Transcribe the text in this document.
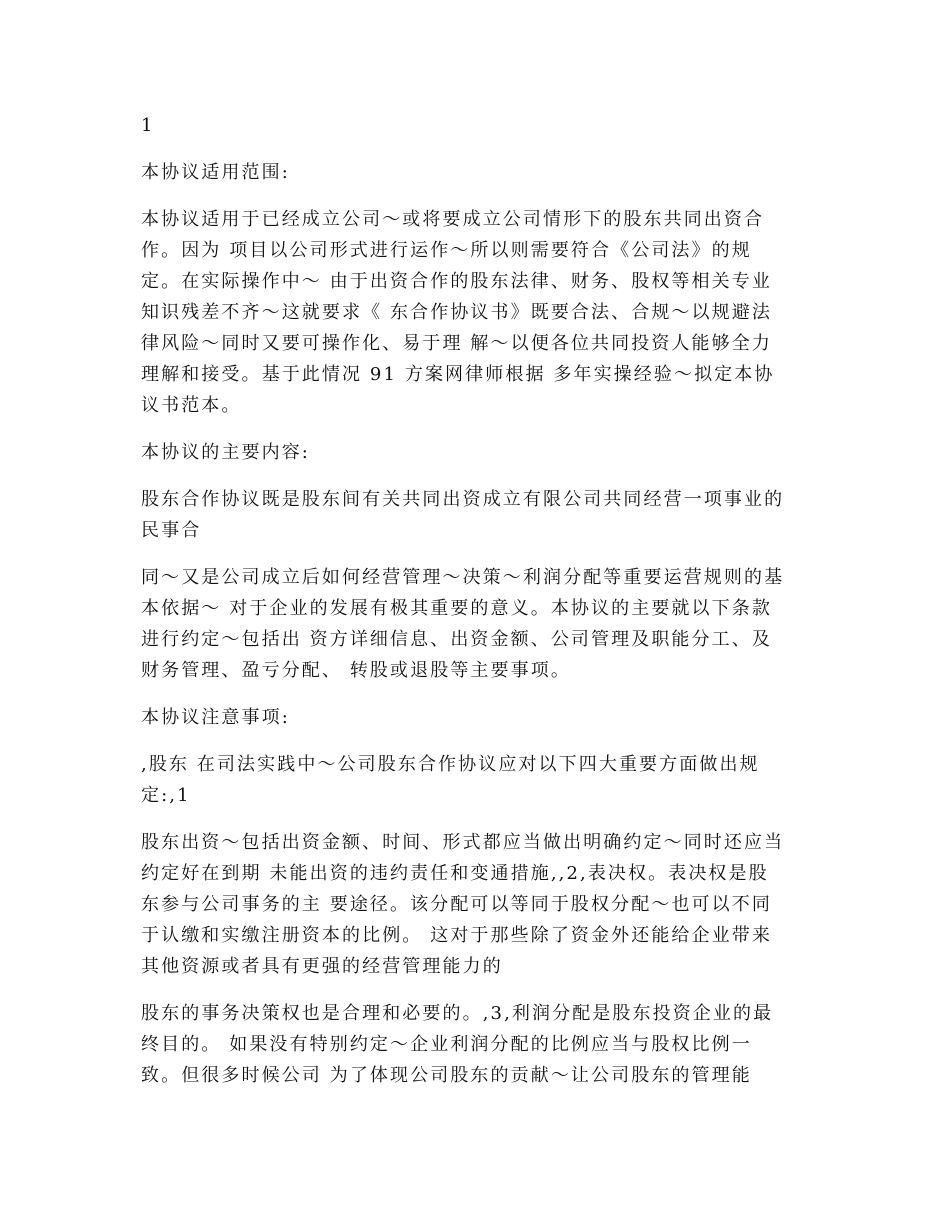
1
本协议适用范围:
本协议适用于已经成立公司～或将要成立公司情形下的股东共同出资合
作。因为 项目以公司形式进行运作～所以则需要符合《公司法》的规
定。在实际操作中～ 由于出资合作的股东法律、财务、股权等相关专业
知识残差不齐～这就要求《 东合作协议书》既要合法、合规～以规避法
律风险～同时又要可操作化、易于理 解～以便各位共同投资人能够全力
理解和接受。基于此情况 91 方案网律师根据 多年实操经验～拟定本协
议书范本。
本协议的主要内容:
股东合作协议既是股东间有关共同出资成立有限公司共同经营一项事业的
民事合
同～又是公司成立后如何经营管理～决策～利润分配等重要运营规则的基
本依据～ 对于企业的发展有极其重要的意义。本协议的主要就以下条款
进行约定～包括出 资方详细信息、出资金额、公司管理及职能分工、及
财务管理、盈亏分配、 转股或退股等主要事项。
本协议注意事项:
,股东 在司法实践中～公司股东合作协议应对以下四大重要方面做出规
定:,1
股东出资～包括出资金额、时间、形式都应当做出明确约定～同时还应当
约定好在到期 未能出资的违约责任和变通措施,,2,表决权。表决权是股
东参与公司事务的主 要途径。该分配可以等同于股权分配～也可以不同
于认缴和实缴注册资本的比例。 这对于那些除了资金外还能给企业带来
其他资源或者具有更强的经营管理能力的
股东的事务决策权也是合理和必要的。,3,利润分配是股东投资企业的最
终目的。 如果没有特别约定～企业利润分配的比例应当与股权比例一
致。但很多时候公司 为了体现公司股东的贡献～让公司股东的管理能
